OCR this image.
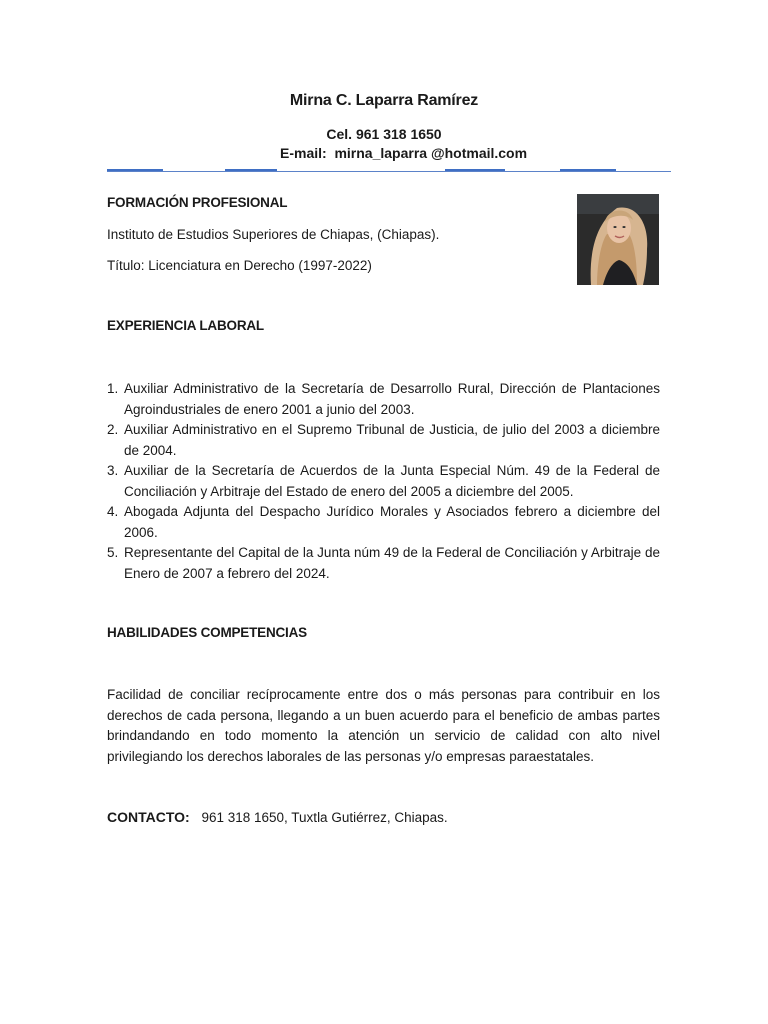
Mirna C. Laparra Ramírez
Cel. 961 318 1650
E-mail:  mirna_laparra @hotmail.com
FORMACIÓN PROFESIONAL
Instituto de Estudios Superiores de Chiapas, (Chiapas).
Título: Licenciatura en Derecho (1997-2022)
EXPERIENCIA LABORAL
1. Auxiliar Administrativo de la Secretaría de Desarrollo Rural, Dirección de Plantaciones Agroindustriales de enero 2001 a junio del 2003.
2. Auxiliar Administrativo en el Supremo Tribunal de Justicia, de julio del 2003 a diciembre de 2004.
3. Auxiliar de la Secretaría de Acuerdos de la Junta Especial Núm. 49 de la Federal de Conciliación y Arbitraje del Estado de enero del 2005 a diciembre del 2005.
4. Abogada Adjunta del Despacho Jurídico Morales y Asociados febrero a diciembre del 2006.
5. Representante del Capital de la Junta núm 49 de la Federal de Conciliación y Arbitraje de Enero de 2007 a febrero del 2024.
HABILIDADES COMPETENCIAS
Facilidad de conciliar recíprocamente entre dos o más personas para contribuir en los derechos de cada persona, llegando a un buen acuerdo para el beneficio de ambas partes brindandando en todo momento la atención un servicio de calidad con alto nivel privilegiando los derechos laborales de las personas y/o empresas paraestatales.
CONTACTO: 961 318 1650, Tuxtla Gutiérrez, Chiapas.
